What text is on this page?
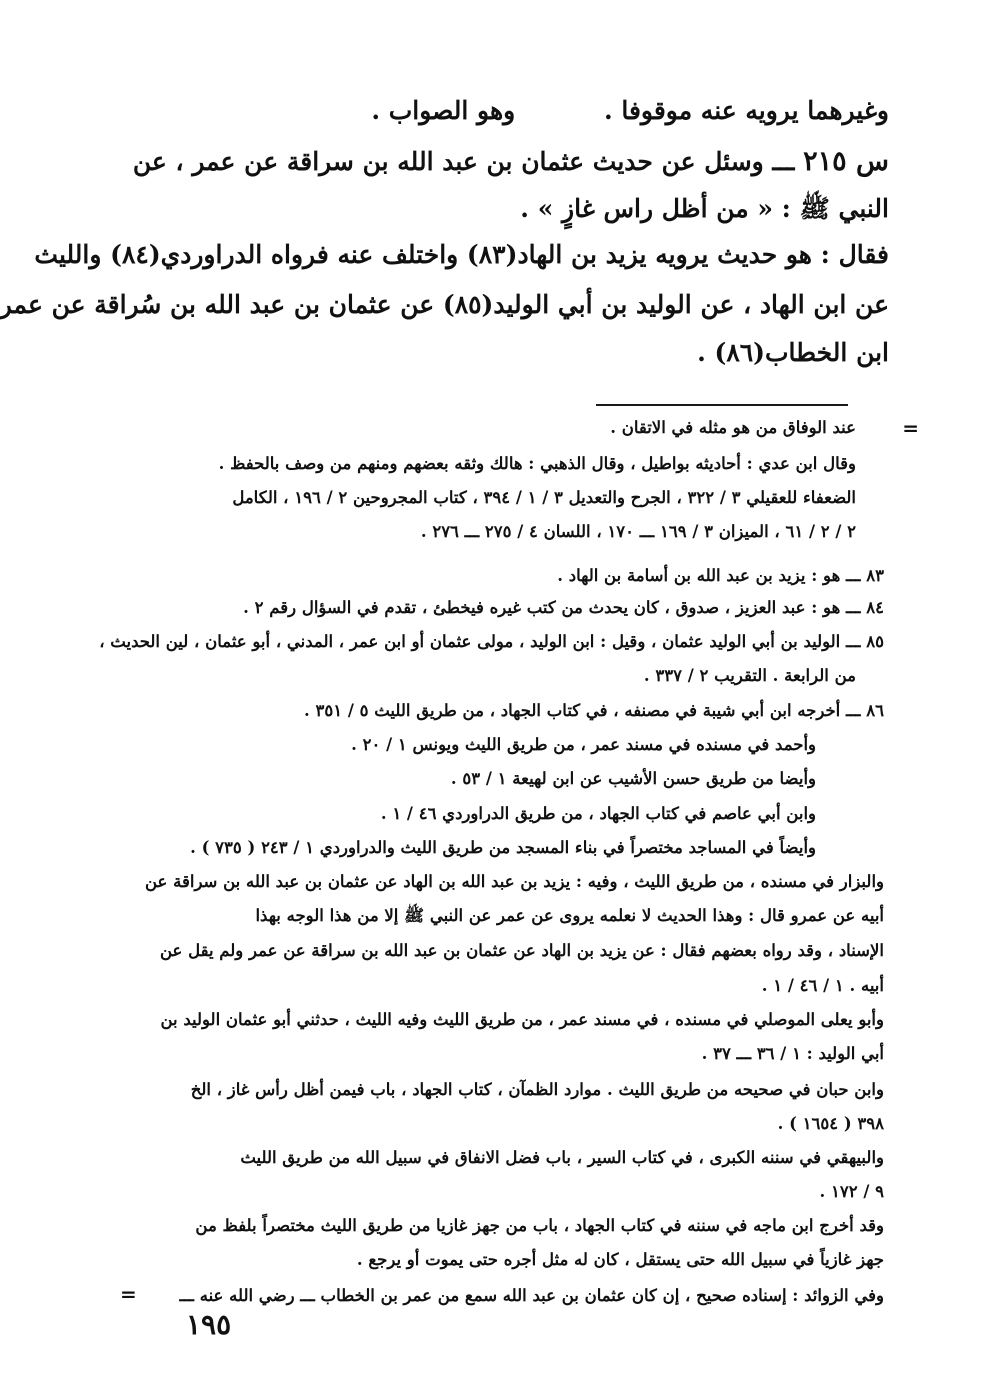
وغيرهما يرويه عنه موقوفا . وهو الصواب .
س ٢١٥ ـــ وسئل عن حديث عثمان بن عبد الله بن سراقة عن عمر ، عن
النبي ﷺ : « من أظل راس غازٍ » .
فقال : هو حديث يرويه يزيد بن الهاد(٨٣) واختلف عنه فرواه الدراوردي(٨٤) والليث
عن ابن الهاد ، عن الوليد بن أبي الوليد(٨٥) عن عثمان بن عبد الله بن سُراقة عن عمر
ابن الخطاب(٨٦) .
=
عند الوفاق من هو مثله في الاتقان .
وقال ابن عدي : أحاديثه بواطيل ، وقال الذهبي : هالك وثقه بعضهم ومنهم من وصف بالحفظ .
الضعفاء للعقيلي ٣ / ٣٢٢ ، الجرح والتعديل ٣ / ١ / ٣٩٤ ، كتاب المجروحين ٢ / ١٩٦ ، الكامل
٢ / ٢ / ٦١ ، الميزان ٣ / ١٦٩ ـــ ١٧٠ ، اللسان ٤ / ٢٧٥ ـــ ٢٧٦ .
٨٣ ـــ هو : يزيد بن عبد الله بن أسامة بن الهاد .
٨٤ ـــ هو : عبد العزيز ، صدوق ، كان يحدث من كتب غيره فيخطئ ، تقدم في السؤال رقم ٢ .
٨٥ ـــ الوليد بن أبي الوليد عثمان ، وقيل : ابن الوليد ، مولى عثمان أو ابن عمر ، المدني ، أبو عثمان ، لين الحديث ،
من الرابعة . التقريب ٢ / ٣٣٧ .
٨٦ ـــ أخرجه ابن أبي شيبة في مصنفه ، في كتاب الجهاد ، من طريق الليث ٥ / ٣٥١ .
وأحمد في مسنده في مسند عمر ، من طريق الليث ويونس ١ / ٢٠ .
وأيضا من طريق حسن الأشيب عن ابن لهيعة ١ / ٥٣ .
وابن أبي عاصم في كتاب الجهاد ، من طريق الدراوردي ٤٦ / ١ .
وأيضاً في المساجد مختصراً في بناء المسجد من طريق الليث والدراوردي ١ / ٢٤٣ ( ٧٣٥ ) .
والبزار في مسنده ، من طريق الليث ، وفيه : يزيد بن عبد الله بن الهاد عن عثمان بن عبد الله بن سراقة عن
أبيه عن عمرو قال : وهذا الحديث لا نعلمه يروى عن عمر عن النبي ﷺ إلا من هذا الوجه بهذا
الإسناد ، وقد رواه بعضهم فقال : عن يزيد بن الهاد عن عثمان بن عبد الله بن سراقة عن عمر ولم يقل عن
أبيه . ١ / ٤٦ / ١ .
وأبو يعلى الموصلي في مسنده ، في مسند عمر ، من طريق الليث وفيه الليث ، حدثني أبو عثمان الوليد بن
أبي الوليد : ١ / ٣٦ ـــ ٣٧ .
وابن حبان في صحيحه من طريق الليث . موارد الظمآن ، كتاب الجهاد ، باب فيمن أظل رأس غاز ، الخ
٣٩٨ ( ١٦٥٤ ) .
والبيهقي في سننه الكبرى ، في كتاب السير ، باب فضل الانفاق في سبيل الله من طريق الليث
٩ / ١٧٢ .
وقد أخرج ابن ماجه في سننه في كتاب الجهاد ، باب من جهز غازيا من طريق الليث مختصراً بلفظ من
جهز غازياً في سبيل الله حتى يستقل ، كان له مثل أجره حتى يموت أو يرجع .
وفي الزوائد : إسناده صحيح ، إن كان عثمان بن عبد الله سمع من عمر بن الخطاب ـــ رضي الله عنه ـــ
=
١٩٥
